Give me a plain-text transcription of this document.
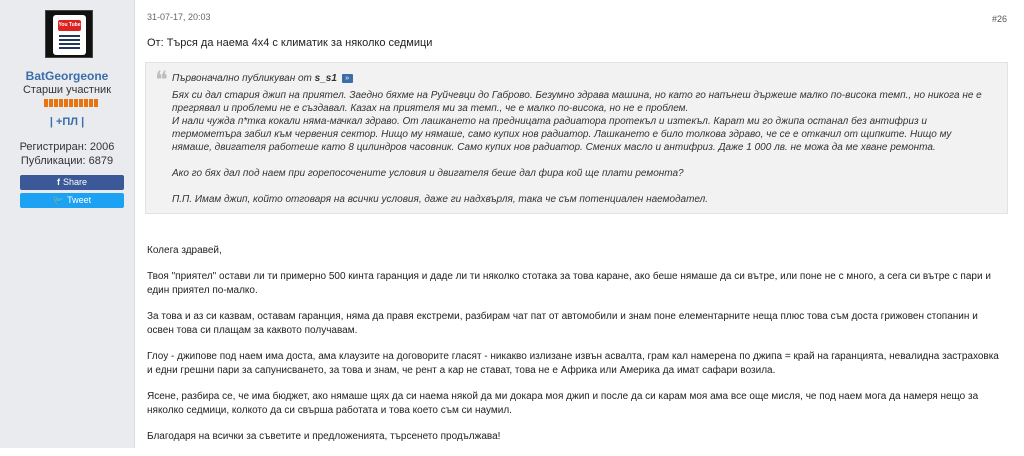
You Tube
BatGeorgeone
Старши участник
| +ПЛ |
Регистриран: 2006
Публикации: 6879
f Share
🐦 Tweet
31-07-17, 20:03	#26
От: Търся да наема 4x4 с климатик за няколко седмици
❝ Първоначално публикуван от s_s1 »

Бях си дал стария джип на приятел. Заедно бяхме на Руйчевци до Габрово. Безумно здрава машина, но като го напънеш държеше малко по-висока темп., но никога не е прегрявал и проблеми не е създавал. Казах на приятеля ми за темп., че е малко по-висока, но не е проблем.

И нали чужда п*тка кокали няма-мачкал здраво. От лашкането на предницата радиатора протекъл и изтекъл. Карат ми го джипа останал без антифриз и термометъра забил към червения сектор. Нищо му нямаше, само купих нов радиатор. Лашкането е било толкова здраво, че се е откачил от щипките. Нищо му нямаше, двигателя работеше като 8 цилиндров часовник. Само купих нов радиатор. Смених масло и антифриз. Даже 1 000 лв. не можа да ме хване ремонта.

Ако го бях дал под наем при горепосочените условия и двигателя беше дал фира кой ще плати ремонта?

П.П. Имам джип, който отговаря на всички условия, даже ги надхвърля, така че съм потенциален наемодател.

Колега здравей,

Твоя "приятел" остави ли ти примерно 500 кинта гаранция и даде ли ти няколко стотака за това каране, ако беше нямаше да си вътре, или поне не с много, а сега си вътре с пари и един приятел по-малко.

За това и аз си казвам, оставам гаранция, няма да правя екстреми, разбирам чат пат от автомобили и знам поне елементарните неща плюс това съм доста грижовен стопанин и освен това си плащам за каквото получавам.

Глоу - джипове под наем има доста, ама клаузите на договорите гласят - никакво излизане извън асвалта, грам кал намерена по джипа = край на гаранцията, невалидна застраховка и едни грешни пари за сапунисването, за това и знам, че рент а кар не стават, това не е Африка или Америка да имат сафари возила.

Ясене, разбира се, че има бюджет, ако нямаше щях да си наема някой да ми докара моя джип и после да си карам моя ама все още мисля, че под наем мога да намеря нещо за няколко седмици, колкото да си свърша работата и това което съм си наумил.

Благодаря на всички за съветите и предложенията, търсенето продължава!
